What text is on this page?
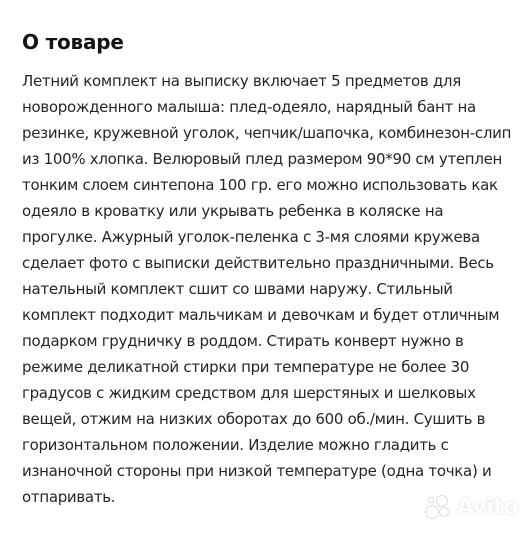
О товаре
Летний комплект на выписку включает 5 предметов для новорожденного малыша: плед-одеяло, нарядный бант на резинке, кружевной уголок, чепчик/шапочка, комбинезон-слип из 100% хлопка. Велюровый плед размером 90*90 см утеплен тонким слоем синтепона 100 гр. его можно использовать как одеяло в кроватку или укрывать ребенка в коляске на прогулке. Ажурный уголок-пеленка с 3-мя слоями кружева сделает фото с выписки действительно праздничными. Весь нательный комплект сшит со швами наружу. Стильный комплект подходит мальчикам и девочкам и будет отличным подарком грудничку в роддом. Стирать конверт нужно в режиме деликатной стирки при температуре не более 30 градусов с жидким средством для шерстяных и шелковых вещей, отжим на низких оборотах до 600 об./мин. Сушить в горизонтальном положении. Изделие можно гладить с изнаночной стороны при низкой температуре (одна точка) и отпаривать.	Avito
